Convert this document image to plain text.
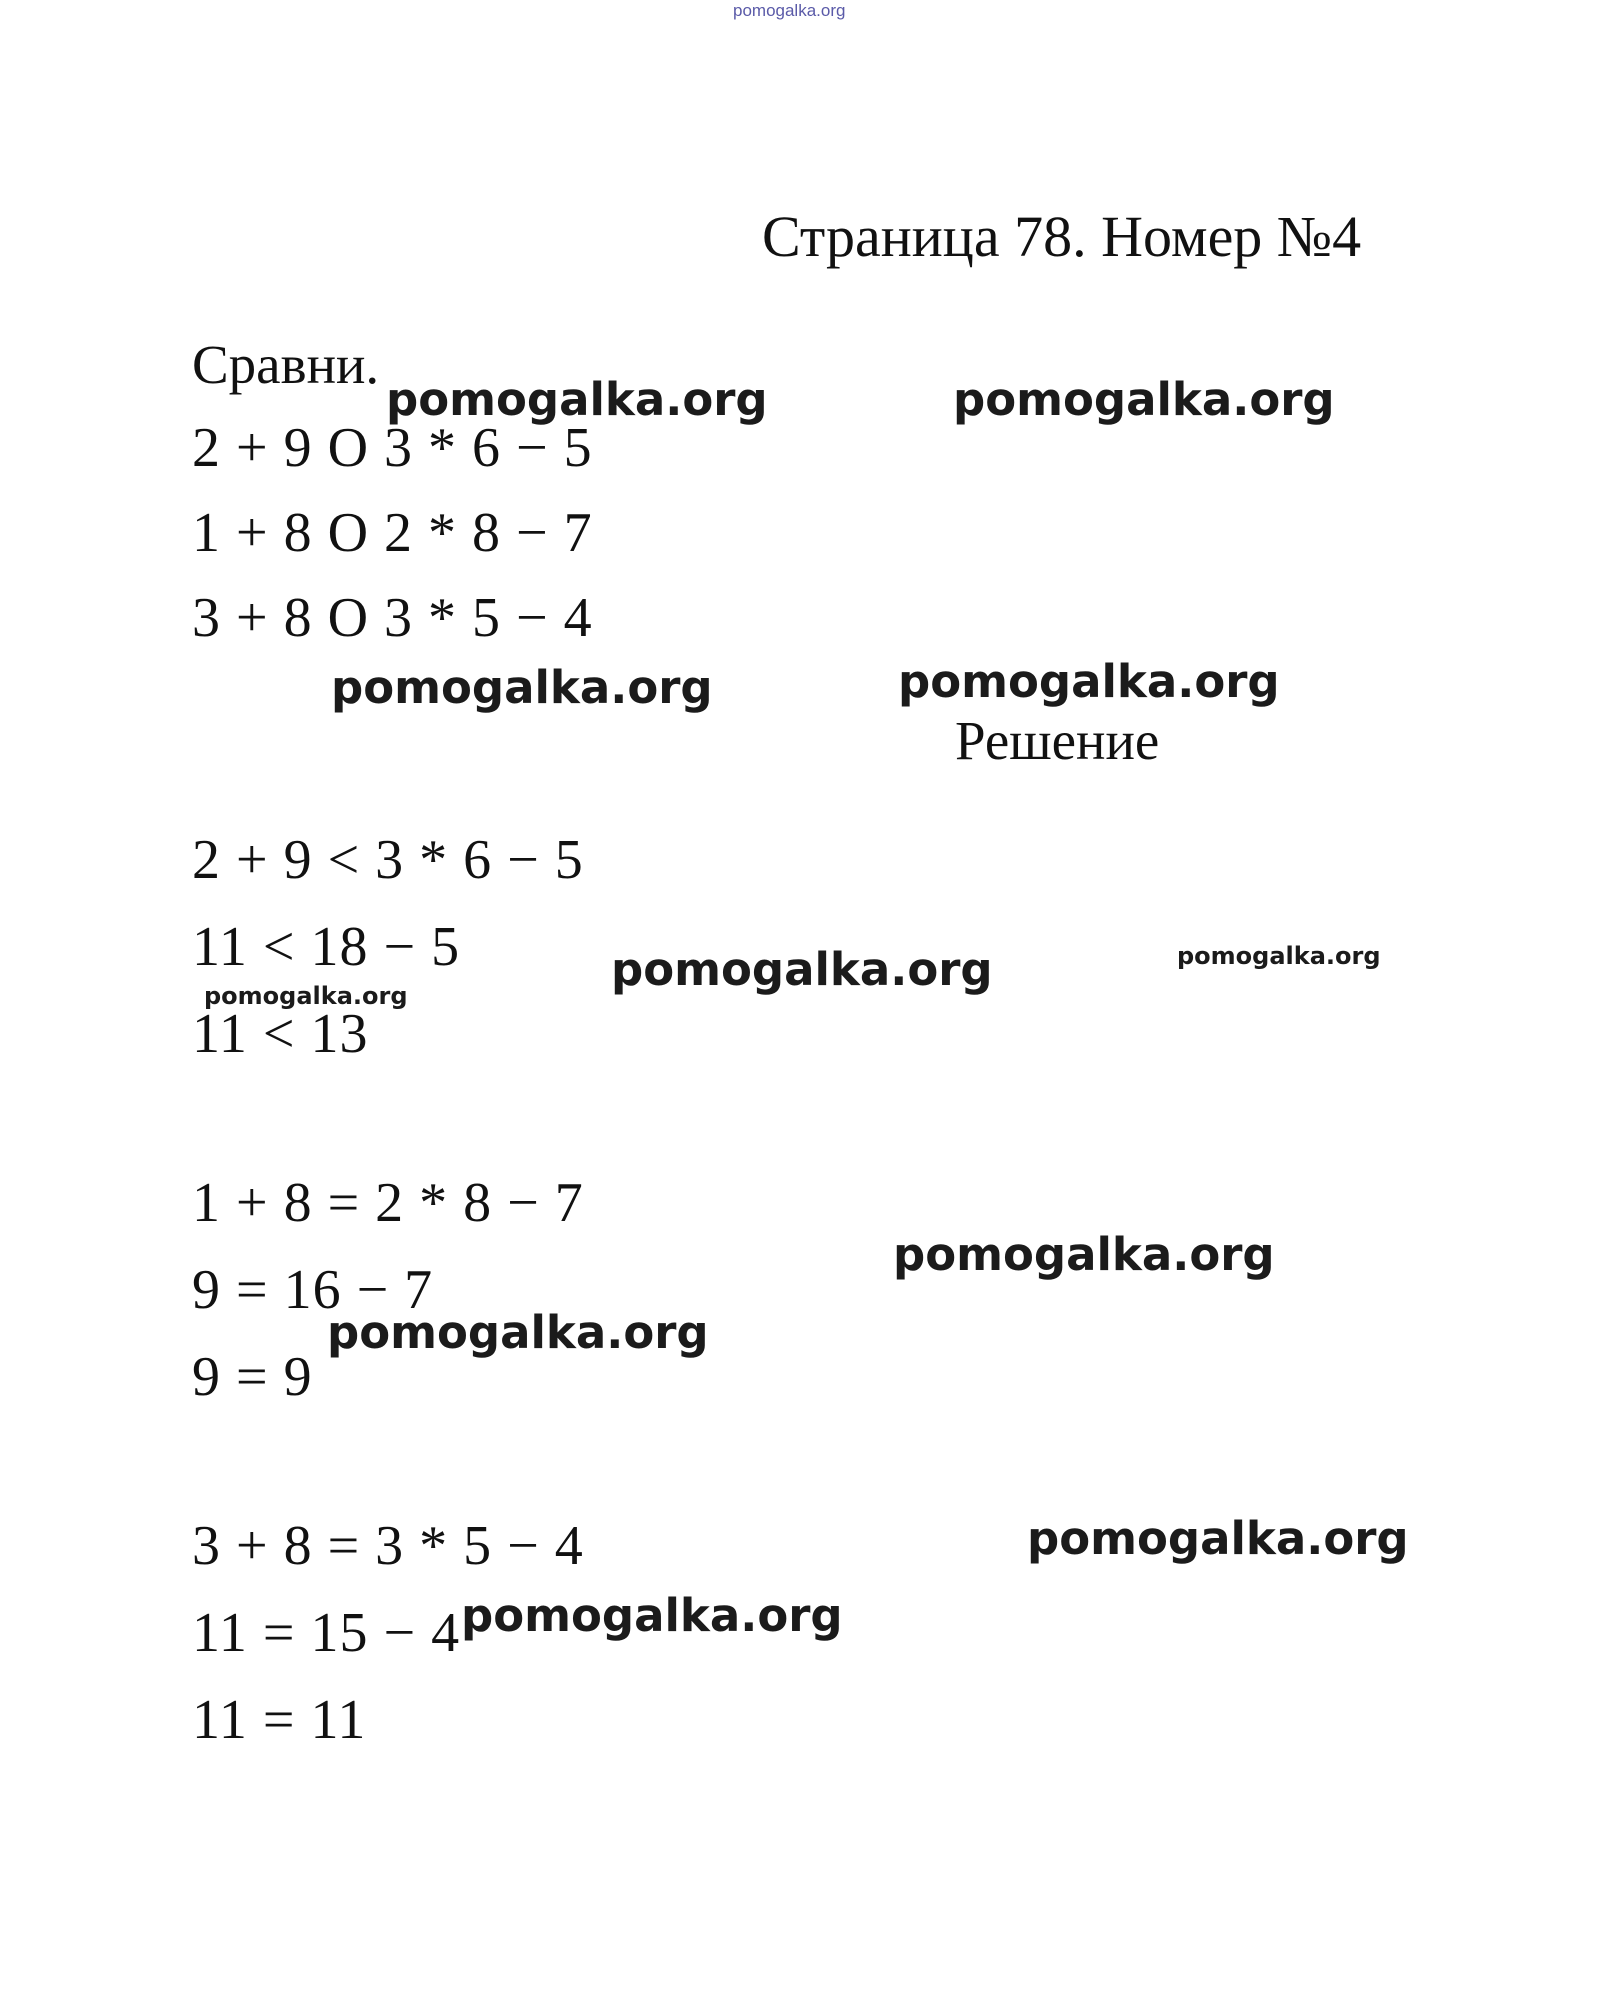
pomogalka.org
Страница 78. Номер №4
Сравни.
2 + 9 O 3 * 6 − 5
1 + 8 O 2 * 8 − 7
3 + 8 O 3 * 5 − 4
Решение
2 + 9 < 3 * 6 − 5
11 < 18 − 5
11 < 13
1 + 8 = 2 * 8 − 7
9 = 16 − 7
9 = 9
3 + 8 = 3 * 5 − 4
11 = 15 − 4
11 = 11
pomogalka.org	pomogalka.org
pomogalka.org	pomogalka.org
pomogalka.org	pomogalka.org
pomogalka.org
pomogalka.org
pomogalka.org
pomogalka.org
pomogalka.org
